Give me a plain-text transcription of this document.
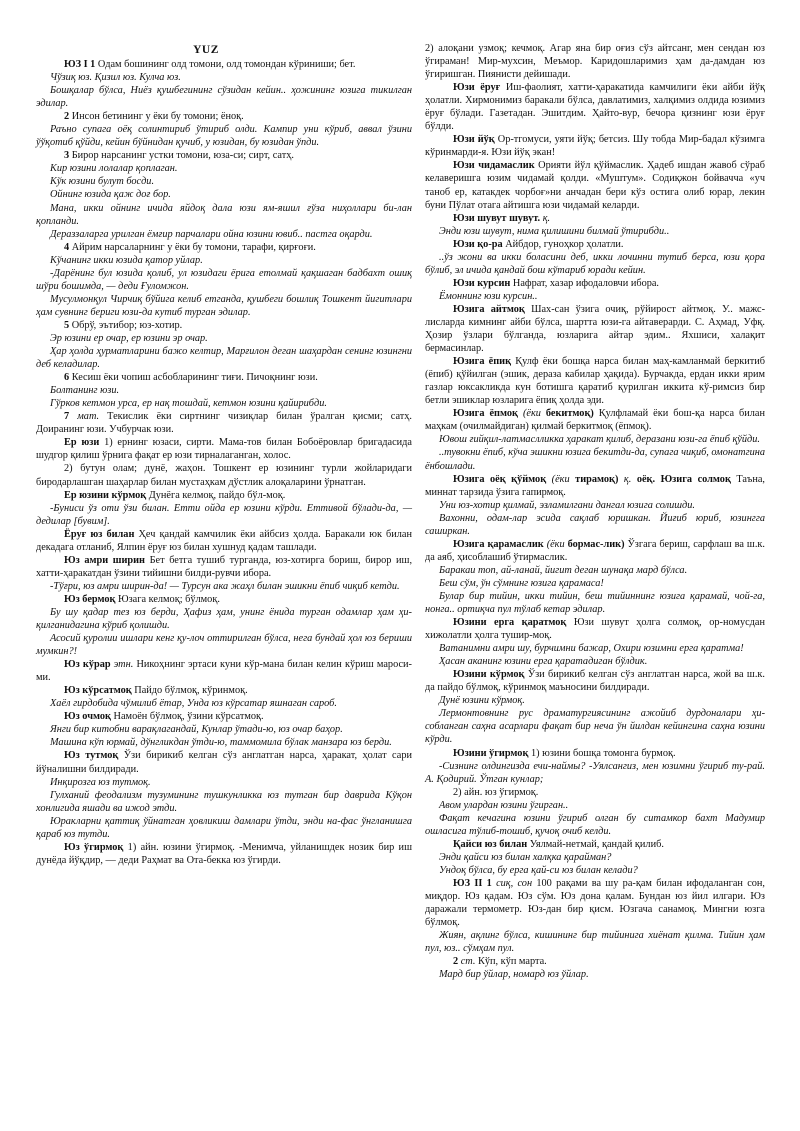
YUZ

ЮЗ I 1 Одам бошининг олд томони, олд томондан кўриниши; бет.

Чўзиқ юз. Қизил юз. Кулча юз.

Бошқалар бўлса, Ниёз қушбегининг сўзидан кейин.. ҳожининг юзига тикилган эдилар.

2 Инсон бетининг у ёки бу томони; ёноқ.

Раъно супага оёқ солинтириб ўтириб олди. Кампир уни кўриб, аввал ўзини ўўқотиб қўйди, кейин бўйнидан қучиб, у юзидан, бу юзидан ўпди.

3 Бирор нарсанинг устки томони, юза-си; сирт, сатҳ.

Кир юзини лолалар қоплаган.

Кўк юзини булут босди.

Ойнинг юзида қаж доғ бор.

Мана, икки ойнинг ичида яйдоқ дала юзи ям-яшил ғўза ниҳоллари би-лан қопланди.

Дераззаларга урилган ёмғир парчалари ойна юзини ювиб.. пастга оқарди.

4 Айрим нарсаларнинг у ёки бу томони, тарафи, қирғоғи.

Кўчанинг икки юзида қатор уйлар.

-Дарёнинг бул юзида қолиб, ул юзидаги ёрига етолмай қақшаган бадбахт ошиқ шўри бошимда, — деди Ғуломжон.

Мусулмонқул Чирчиқ бўйига келиб етганда, қушбеги бошлиқ Тошкент йигитлари ҳам сувнинг бериги юзи-да кутиб турган эдилар.

5 Обрў, эътибор; юз-хотир.

Эр юзини ер очар, ер юзини эр очар.

Ҳар ҳолда ҳурматларини бажо келтир, Марғилон деган шаҳардан сенинг юзингни деб келадилар.

6 Кесиш ёки чопиш асбобларининг тиғи. Пичоқнинг юзи.

Болтанинг юзи.

Гўрков кетмон урса, ер нақ тошдай, кетмон юзини қайирибди.

7 мат. Текислик ёки сиртнинг чизиқлар билан ўралган қисми; сатҳ. Доиранинг юзи. Учбурчак юзи.

Ер юзи 1) ернинг юзаси, сирти. Мама-тов билан Бобоёровлар бригадасида шудгор қилиш ўрнига фақат ер юзи тирналаганган, холос.

2) бутун олам; дунё, жаҳон. Тошкент ер юзининг турли жойларидаги биродарлашган шаҳарлар билан мустаҳкам дўстлик алоқаларини ўрнатган.

Ер юзини кўрмоқ Дунёга келмоқ, пайдо бўл-моқ.

-Буниси ўз оти ўзи билан. Етти ойда ер юзини кўрди. Еттивой бўлади-да, — дедилар [бувим].

Ёруғ юз билан Ҳеч қандай камчилик ёки айбсиз ҳолда. Баракали юк билан декадага отланиб, Ялпин ёруғ юз билан хушнуд қадам ташлади.

Юз амри ширин Бет бетга тушиб турганда, юз-хотирга бориш, бирор иш, хатти-ҳаракатдан ўзини тийишни билди-рувчи ибора.

-Тўғри, юз амри ширин-да! — Турсун ака жаҳл билан эшикни ёпиб чиқиб кетди.

Юз бермоқ Юзага келмоқ; бўлмоқ.

Бу шу қадар тез юз берди, Ҳафиз ҳам, унинг ёнида турган одамлар ҳам ҳи-қилганидагина кўриб қолишди.

Асосий қуролии ишлари кенг қу-лоч оттирилган бўлса, нега бундай ҳол юз бериши мумкин?!

Юз кўрар этн. Никоҳнинг эртаси куни кўр-мана билан келин кўриш мароси-ми.

Юз кўрсатмоқ Пайдо бўлмоқ, кўринмоқ.

Хаёл гирдобида чўмилиб ётар, Унда юз кўрсатар яшнаган сароб.

Юз очмоқ Намоён бўлмоқ, ўзини кўрсатмоқ.

Янги бир китобни варақлагандай, Кунлар ўтади-ю, юз очар баҳор.

Машина кўп юрмай, дўнгликдан ўтди-ю, таммомила бўлак манзара юз берди.

Юз тутмоқ Ўзи бирикиб келган сўз англатган нарса, ҳаракат, ҳолат сари йўналишни билдиради.

Инқирозга юз тутмоқ.

Гулханий феодализм тузумининг тушкунликка юз тутган бир даврида Кўқон хонлигида яшади ва ижод этди.

Юракларни қаттиқ ўйнатган ҳовликиш дамлари ўтди, энди на-фас ўнгланишга қараб юз тутди.

Юз ўгирмоқ 1) айн. юзини ўгирмоқ. -Менимча, уйланишдек нозик бир иш дунёда йўқдир, — деди Раҳмат ва Ота-бекка юз ўгирди.

2) алоқани узмоқ; кечмоқ. Агар яна бир оғиз сўз айтсанг, мен сендан юз ўгираман! Мир-мухсин, Меъмор. Каридошларимиз ҳам да-дамдан юз ўгиришган. Пиянисти дейишади.

Юзи ёруғ Иш-фаолият, хатти-ҳаракатида камчилиги ёки айби йўқ ҳолатли. Хирмонимиз баракали бўлса, давлатимиз, халқимиз олдида юзимиз ёруғ бўлади. Газетадан. Эшитдим. Ҳайто-вур, бечора қизнинг юзи ёруғ бўлди.

Юзи йўқ Ор-тгомуси, уяти йўқ; бетсиз. Шу тобда Мир-бадал кўзимга кўринмарди-я. Юзи йўқ экан!

Юзи чидамаслик Орияти йўл қўймаслик. Ҳадеб ишдан жавоб сўраб келаверишга юзим чидамай қолди. «Муштум». Содиқжон бойвачча «уч таноб ер, катакдек чорбоғ»ни анчадан бери кўз остига олиб юрар, лекин буни Пўлат отага айтишга юзи чидамай келарди.

Юзи шувут шувут. қ.

Энди юзи шувут, нима қилишини билмай ўтирибди..

Юзи қо-ра Айбдор, гуноҳкор ҳолатли.

..ўз жони ва икки боласини деб, икки лочинни тутиб берса, юзи қора бўлиб, эл ичида қандай бош кўтариб юради кейин.

Юзи курсин Нафрат, хазар ифодаловчи ибора.

Ёмоннинг юзи курсин..

Юзига айтмоқ Шах-сан ўзига очиқ, рўйирост айтмоқ. У.. мажс-лисларда кимнинг айби бўлса, шартта юзи-га айтаверарди. С. Аҳмад, Уфқ. Ҳозир ўзлари бўлганда, юзларига айтар эдим.. Яхшиси, халақит бермасинлар.

Юзига ёпиқ Қулф ёки бошқа нарса билан маҳ-камланмай беркитиб (ёпиб) қўйилган (эшик, дераза кабилар ҳақида). Бурчакда, ердан икки ярим газлар юксакликда кун ботишга қаратиб қурилган иккита кў-римсиз бир бетли эшиклар юзларига ёпиқ ҳолда эди.

Юзига ёпмоқ (ёки бекитмоқ) Қулфламай ёки бош-қа нарса билан маҳкам (очилмайдиган) қилмай беркитмоқ (ёпмоқ).

Ювош ғийқил-латмаслликка ҳаракат қилиб, деразани юзи-га ёпиб қўйди.

..тувокни ёпиб, кўча эшикни юзига бекитди-да, супага чиқиб, омонатгина ёнбошлади.

Юзига оёқ қўймоқ (ёки тирамоқ) қ. оёқ. Юзига солмоқ Таъна, миннат тарзида ўзига гапирмоқ.

Уни юз-хотир қилмай, эзламилгани дангал юзига солишди.

Вахонни, одам-лар эсида сақлаб юришкан. Йиғиб юриб, юзингга саширкан.

Юзига қарамаслик (ёки бормас-лик) Ўзгага бериш, сарфлаш ва ш.к. да аяб, ҳисоблашиб ўтирмаслик.

Баракаи топ, ай-ланай, йигит деган шунақа мард бўлса.

Беш сўм, ўн сўмнинг юзига қарамаса!

Булар бир тийин, икки тийин, беш тийиннинг юзига қарамай, чой-га, нонга.. ортиқча пул тўлаб кетар эдилар.

Юзини ерга қаратмоқ Юзи шувут ҳолга солмоқ, ор-номусдан хижолатли ҳолга тушир-моқ.

Ватанимни амри шу, бурчимни бажар, Охири юзимни ерга қаратма!

Ҳасан аканинг юзини ерга қаратадиган бўлдик.

Юзини кўрмоқ Ўзи бирикиб келган сўз англатган нарса, жой ва ш.к. да пайдо бўлмоқ, кўринмоқ маъносини билдиради.

Дунё юзини кўрмоқ.

Лермонтовнинг рус драматургиясининг ажойиб дурдоналари ҳи-собланган саҳна асарлари фақат бир неча ўн йилдан кейингина саҳна юзини кўрди.

Юзини ўгирмоқ 1) юзини бошқа томонга бурмоқ.

-Сизнинг олдингизда ечи-наймы? -Уялсангиз, мен юзимни ўгириб ту-рай. А. Қодирий. Ўтган кунлар;

2) айн. юз ўгирмоқ.

Авом улардан юзини ўгирган..

Фақат кечагина юзини ўгириб олган бу ситамкор бахт Мадумир ошласига тўлиб-тошиб, қучоқ очиб келди.

Қайси юз билан Уялмай-нетмай, қандай қилиб.

Энди қайси юз билан халқка қарайман?

Ундоқ бўлса, бу ерга қай-си юз билан келади?

ЮЗ II 1 сиқ, сон 100 рақами ва шу ра-қам билан ифодаланган сон, миқдор. Юз қадам. Юз сўм. Юз дона қалам. Бундан юз йил илгари. Юз даражали термометр. Юз-дан бир қисм. Юзгача санамоқ. Мингни юзга бўлмоқ.

Жиян, ақлинг бўлса, кишининг бир тийинига хиёнат қилма. Тийин ҳам пул, юз.. сўмҳам пул.

2 ст. Кўп, кўп марта.

Мард бир ўйлар, номард юз ўйлар.
